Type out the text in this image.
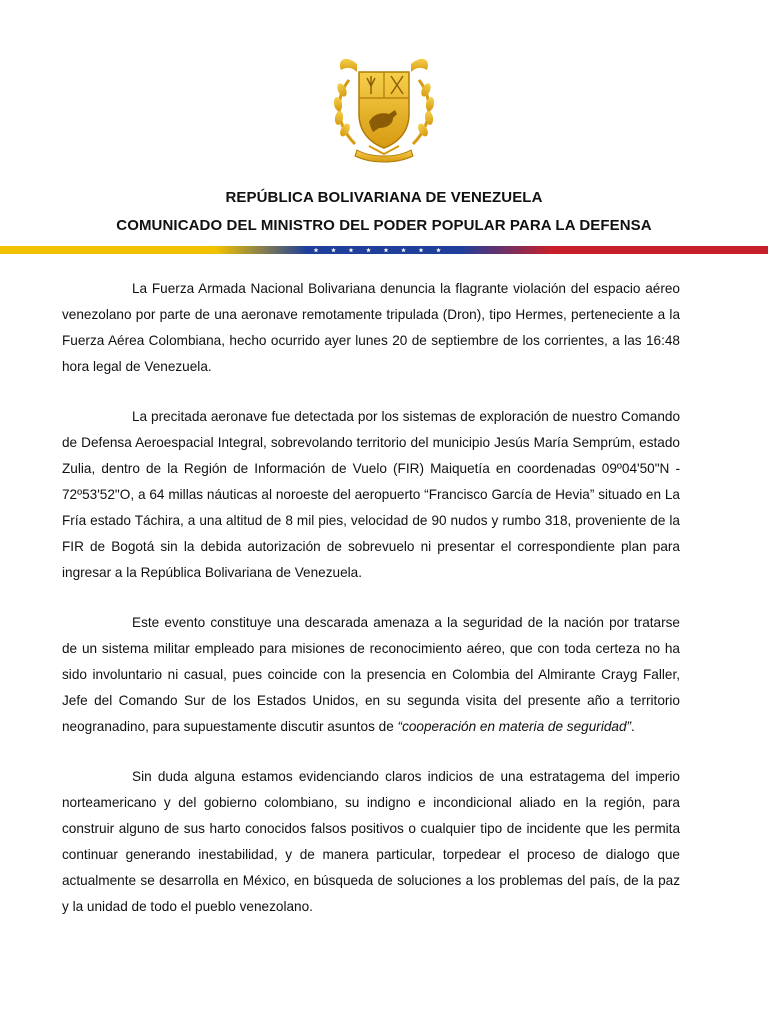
REPÚBLICA BOLIVARIANA DE VENEZUELA
COMUNICADO DEL MINISTRO DEL PODER POPULAR PARA LA DEFENSA

La Fuerza Armada Nacional Bolivariana denuncia la flagrante violación del espacio aéreo venezolano por parte de una aeronave remotamente tripulada (Dron), tipo Hermes, perteneciente a la Fuerza Aérea Colombiana, hecho ocurrido ayer lunes 20 de septiembre de los corrientes, a las 16:48 hora legal de Venezuela.

La precitada aeronave fue detectada por los sistemas de exploración de nuestro Comando de Defensa Aeroespacial Integral, sobrevolando territorio del municipio Jesús María Semprúm, estado Zulia, dentro de la Región de Información de Vuelo (FIR) Maiquetía en coordenadas 09º04'50"N - 72º53'52"O, a 64 millas náuticas al noroeste del aeropuerto “Francisco García de Hevia” situado en La Fría estado Táchira, a una altitud de 8 mil pies, velocidad de 90 nudos y rumbo 318, proveniente de la FIR de Bogotá sin la debida autorización de sobrevuelo ni presentar el correspondiente plan para ingresar a la República Bolivariana de Venezuela.

Este evento constituye una descarada amenaza a la seguridad de la nación por tratarse de un sistema militar empleado para misiones de reconocimiento aéreo, que con toda certeza no ha sido involuntario ni casual, pues coincide con la presencia en Colombia del Almirante Crayg Faller, Jefe del Comando Sur de los Estados Unidos, en su segunda visita del presente año a territorio neogranadino, para supuestamente discutir asuntos de “cooperación en materia de seguridad”.

Sin duda alguna estamos evidenciando claros indicios de una estratagema del imperio norteamericano y del gobierno colombiano, su indigno e incondicional aliado en la región, para construir alguno de sus harto conocidos falsos positivos o cualquier tipo de incidente que les permita continuar generando inestabilidad, y de manera particular, torpedear el proceso de dialogo que actualmente se desarrolla en México, en búsqueda de soluciones a los problemas del país, de la paz y la unidad de todo el pueblo venezolano.
